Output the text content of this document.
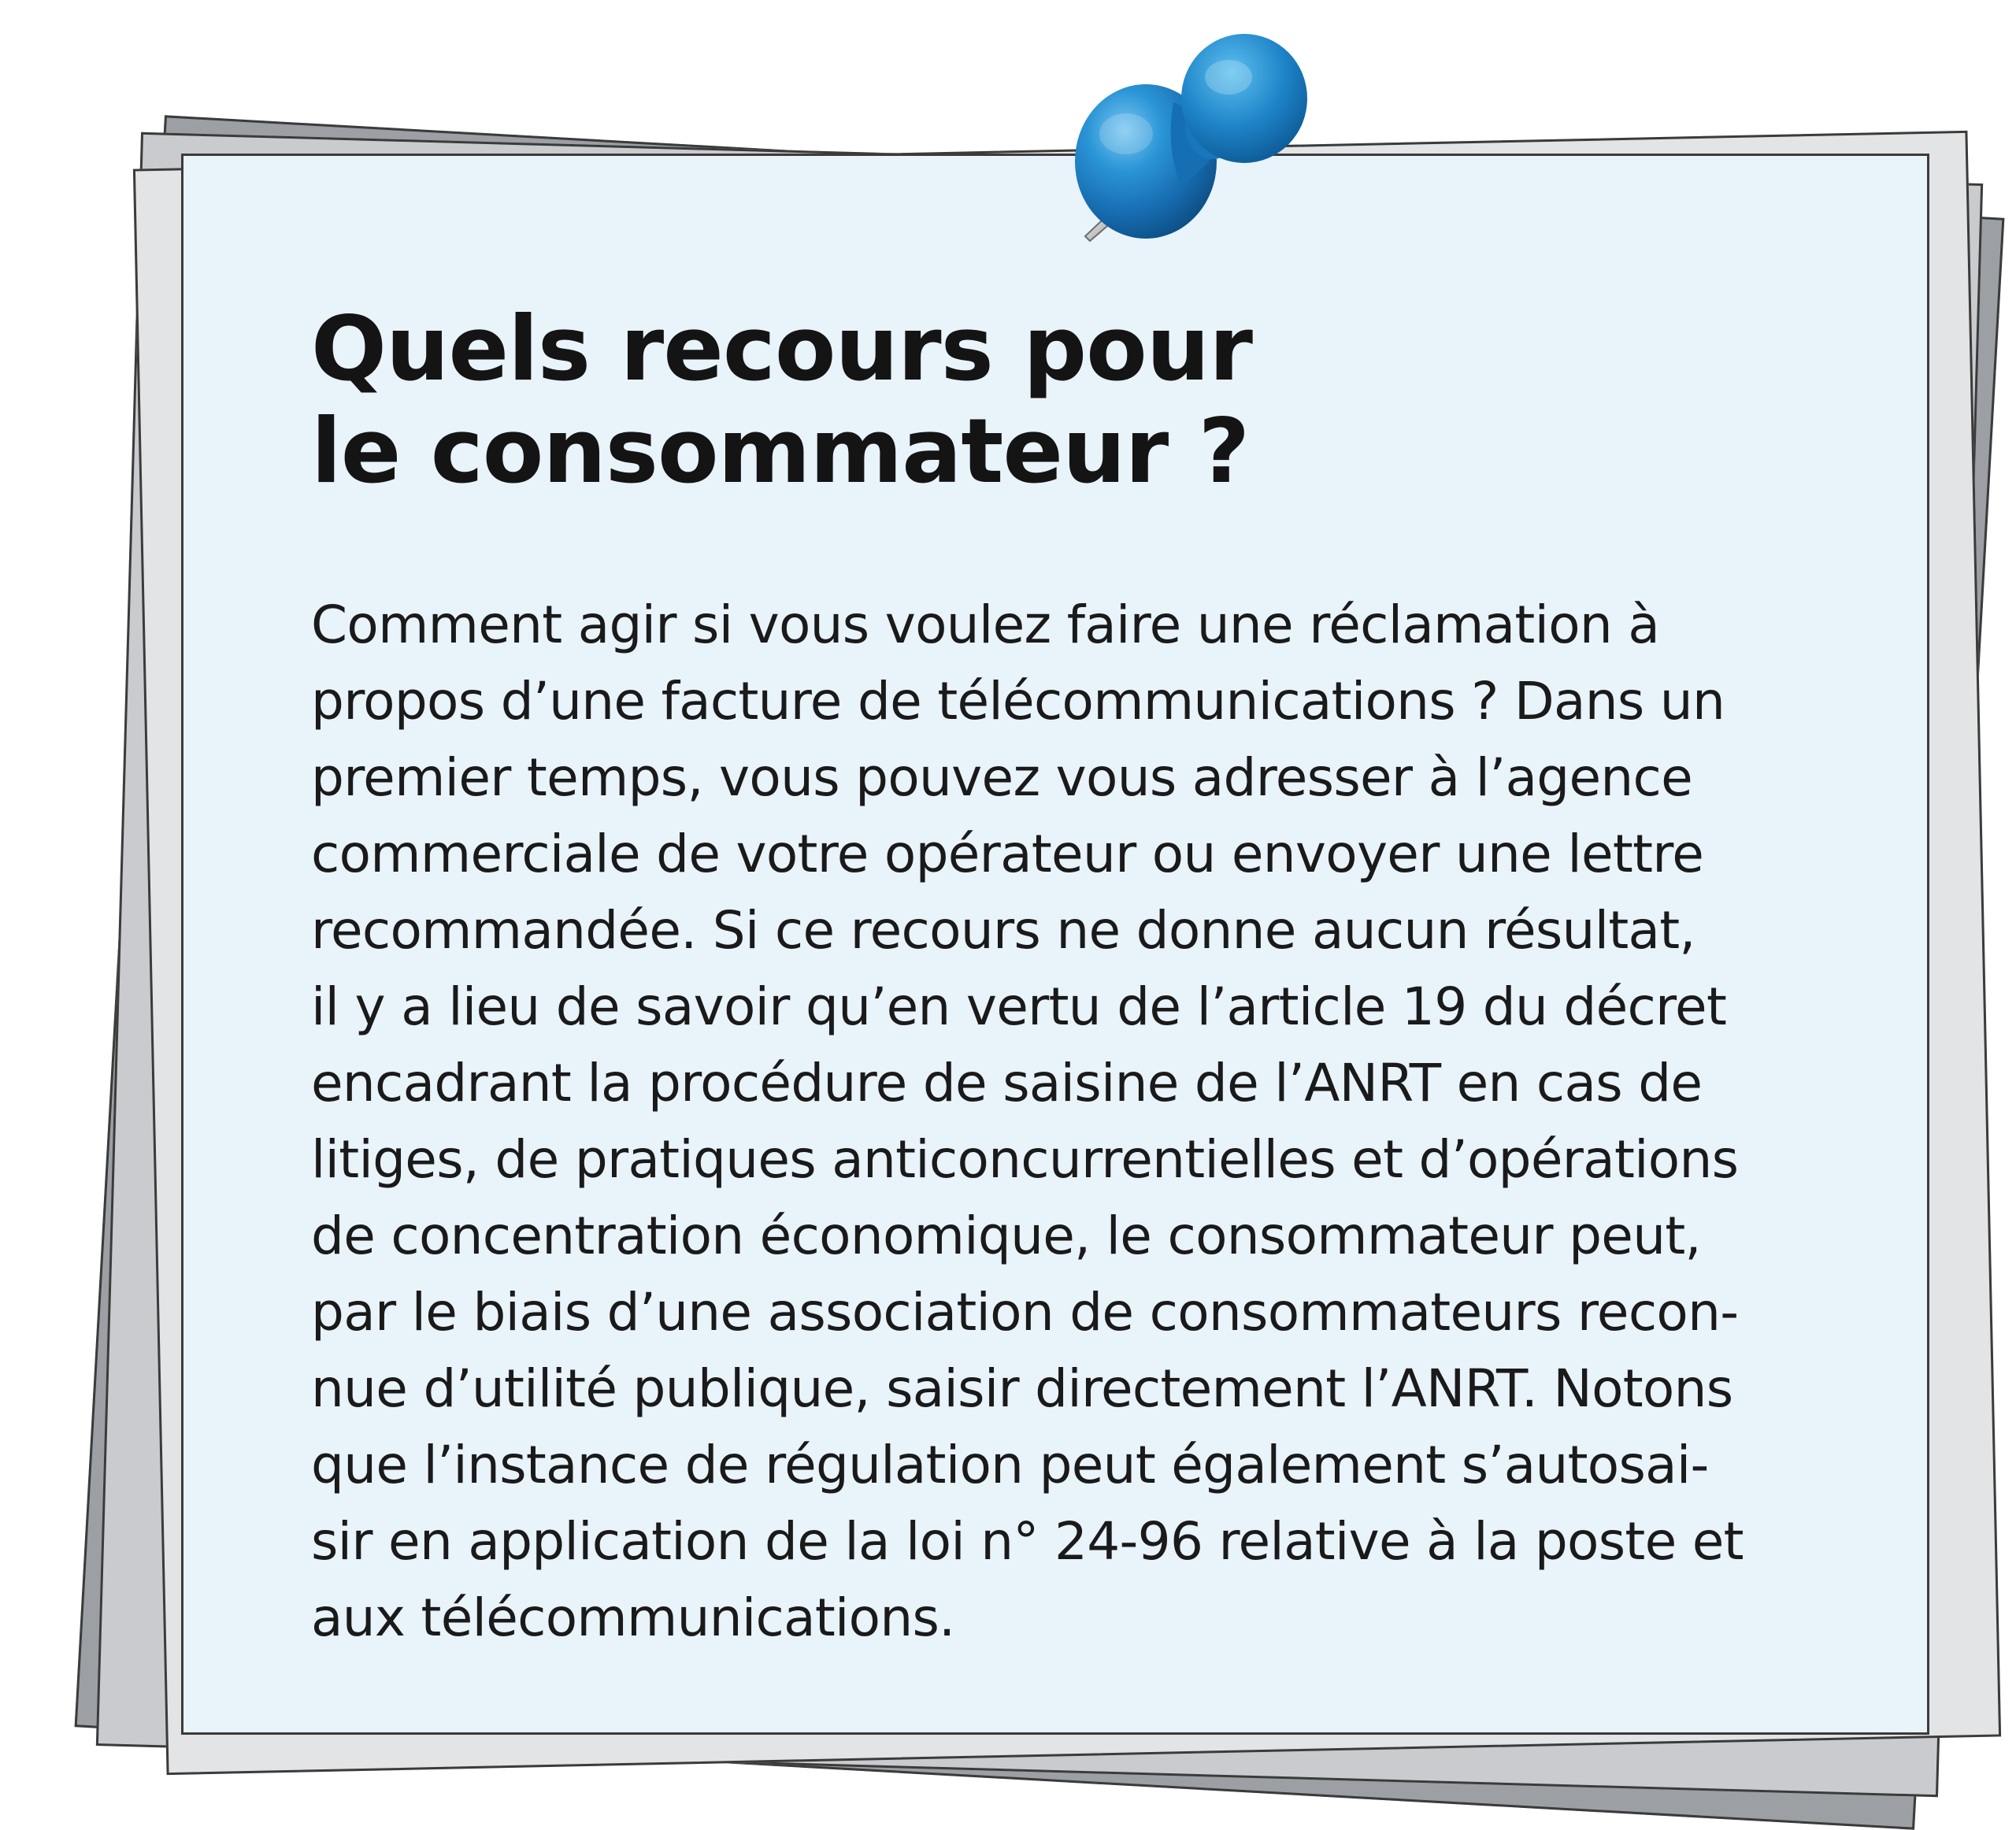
Quels recours pour
le consommateur ?
Comment agir si vous voulez faire une réclamation à
propos d’une facture de télécommunications ? Dans un
premier temps, vous pouvez vous adresser à l’agence
commerciale de votre opérateur ou envoyer une lettre
recommandée. Si ce recours ne donne aucun résultat,
il y a lieu de savoir qu’en vertu de l’article 19 du décret
encadrant la procédure de saisine de l’ANRT en cas de
litiges, de pratiques anticoncurrentielles et d’opérations
de concentration économique, le consommateur peut,
par le biais d’une association de consommateurs recon-
nue d’utilité publique, saisir directement l’ANRT. Notons
que l’instance de régulation peut également s’autosai-
sir en application de la loi n° 24-96 relative à la poste et
aux télécommunications.
